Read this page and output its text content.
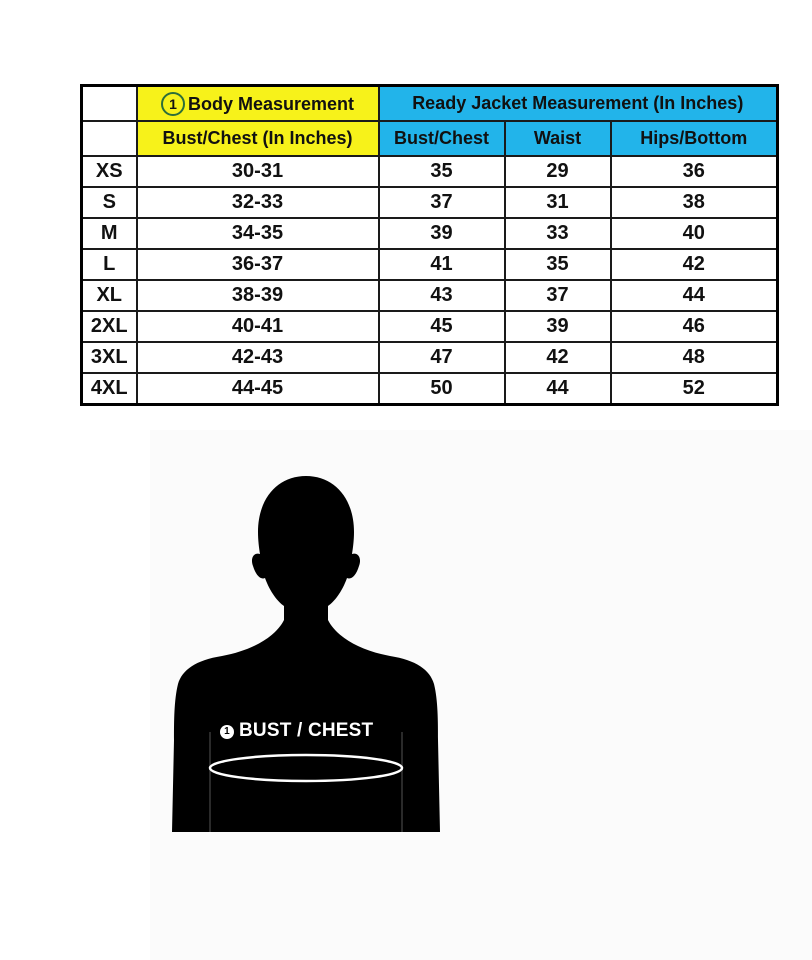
	1 Body Measurement	Ready Jacket Measurement (In Inches)		
	Bust/Chest (In Inches)	Bust/Chest	Waist	Hips/Bottom
XS	30-31	35	29	36
S	32-33	37	31	38
M	34-35	39	33	40
L	36-37	41	35	42
XL	38-39	43	37	44
2XL	40-41	45	39	46
3XL	42-43	47	42	48
4XL	44-45	50	44	52
1 BUST / CHEST
